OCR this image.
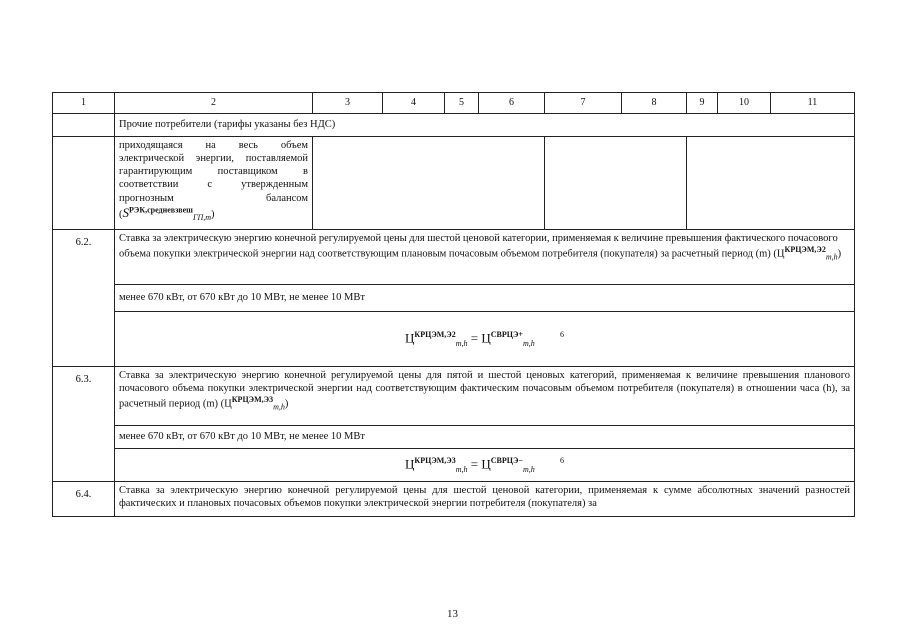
1	2	3	4	5	6	7	8	9	10	11
	Прочие потребители (тарифы указаны без НДС)									
	приходящаяся на весь объем электрической энергии, поставляемой гарантирующим поставщиком в соответствии с утвержденным прогнозным балансом $(S^{РЭК,средневзвеш}_{ГП,m})$									
6.2.	Ставка за электрическую энергию конечной регулируемой цены для шестой ценовой категории, применяемая к величине превышения фактического почасового объема покупки электрической энергии над соответствующим плановым почасовым объемом потребителя (покупателя) за расчетный период (m) $(Ц^{КРЦЭМ,Э2}_{m,h})$									
	менее 670 кВт, от 670 кВт до 10 МВт, не менее 10 МВт									
	$Ц^{КРЦЭМ,Э2}_{m,h} = Ц^{СВРЦЭ+}_{m,h}$ $^6$
6.3.	Ставка за электрическую энергию конечной регулируемой цены для пятой и шестой ценовых категорий, применяемая к величине превышения планового почасового объема покупки электрической энергии над соответствующим фактическим почасовым объемом потребителя (покупателя) в отношении часа (h), за расчетный период (m) $(Ц^{КРЦЭМ,Э3}_{m,h})$									
	менее 670 кВт, от 670 кВт до 10 МВт, не менее 10 МВт									
	$Ц^{КРЦЭМ,Э3}_{m,h} = Ц^{СВРЦЭ-}_{m,h}$ $^6$
6.4.	Ставка за электрическую энергию конечной регулируемой цены для шестой ценовой категории, применяемая к сумме абсолютных значений разностей фактических и плановых почасовых объемов покупки электрической энергии потребителя (покупателя) за									
13
